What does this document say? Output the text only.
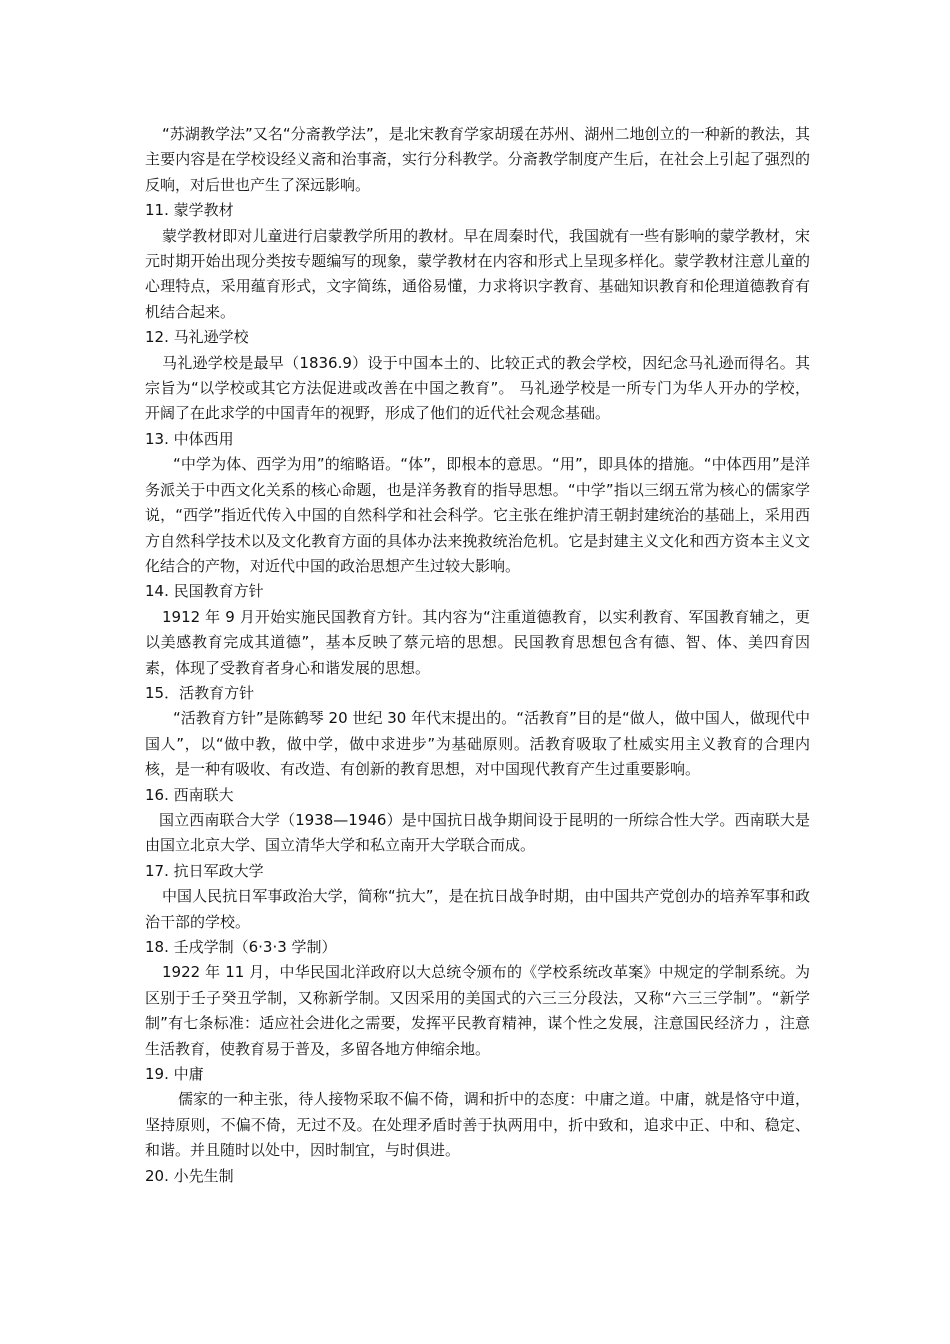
“苏湖教学法”又名“分斋教学法”，是北宋教育学家胡瑗在苏州、湖州二地创立的一种新的教法，其主要内容是在学校设经义斋和治事斋，实行分科教学。分斋教学制度产生后，在社会上引起了强烈的反响，对后世也产生了深远影响。

11. 蒙学教材

蒙学教材即对儿童进行启蒙教学所用的教材。早在周秦时代，我国就有一些有影响的蒙学教材，宋元时期开始出现分类按专题编写的现象，蒙学教材在内容和形式上呈现多样化。蒙学教材注意儿童的心理特点，采用蕴育形式，文字简练，通俗易懂，力求将识字教育、基础知识教育和伦理道德教育有机结合起来。

12. 马礼逊学校

马礼逊学校是最早（1836.9）设于中国本土的、比较正式的教会学校，因纪念马礼逊而得名。其宗旨为“以学校或其它方法促进或改善在中国之教育”。 马礼逊学校是一所专门为华人开办的学校，开阔了在此求学的中国青年的视野，形成了他们的近代社会观念基础。

13. 中体西用

“中学为体、西学为用”的缩略语。“体”，即根本的意思。“用”，即具体的措施。“中体西用”是洋务派关于中西文化关系的核心命题，也是洋务教育的指导思想。“中学”指以三纲五常为核心的儒家学说，“西学”指近代传入中国的自然科学和社会科学。它主张在维护清王朝封建统治的基础上，采用西方自然科学技术以及文化教育方面的具体办法来挽救统治危机。它是封建主义文化和西方资本主义文化结合的产物，对近代中国的政治思想产生过较大影响。

14. 民国教育方针

1912 年 9 月开始实施民国教育方针。其内容为“注重道德教育，以实利教育、军国教育辅之，更以美感教育完成其道德”，基本反映了蔡元培的思想。民国教育思想包含有德、智、体、美四育因素，体现了受教育者身心和谐发展的思想。

15．活教育方针

“活教育方针”是陈鹤琴 20 世纪 30 年代末提出的。“活教育”目的是“做人，做中国人，做现代中国人”，以“做中教，做中学，做中求进步”为基础原则。活教育吸取了杜威实用主义教育的合理内核，是一种有吸收、有改造、有创新的教育思想，对中国现代教育产生过重要影响。

16. 西南联大

国立西南联合大学（1938—1946）是中国抗日战争期间设于昆明的一所综合性大学。西南联大是由国立北京大学、国立清华大学和私立南开大学联合而成。

17. 抗日军政大学

中国人民抗日军事政治大学，简称“抗大”，是在抗日战争时期，由中国共产党创办的培养军事和政治干部的学校。

18. 壬戌学制（6·3·3 学制）

1922 年 11 月，中华民国北洋政府以大总统令颁布的《学校系统改革案》中规定的学制系统。为区别于壬子癸丑学制，又称新学制。又因采用的美国式的六三三分段法，又称“六三三学制”。“新学制”有七条标准：适应社会进化之需要，发挥平民教育精神，谋个性之发展，注意国民经济力 ，注意生活教育，使教育易于普及，多留各地方伸缩余地。

19. 中庸

儒家的一种主张，待人接物采取不偏不倚，调和折中的态度：中庸之道。中庸，就是恪守中道，坚持原则，不偏不倚，无过不及。在处理矛盾时善于执两用中，折中致和，追求中正、中和、稳定、和谐。并且随时以处中，因时制宜，与时俱进。

20. 小先生制
